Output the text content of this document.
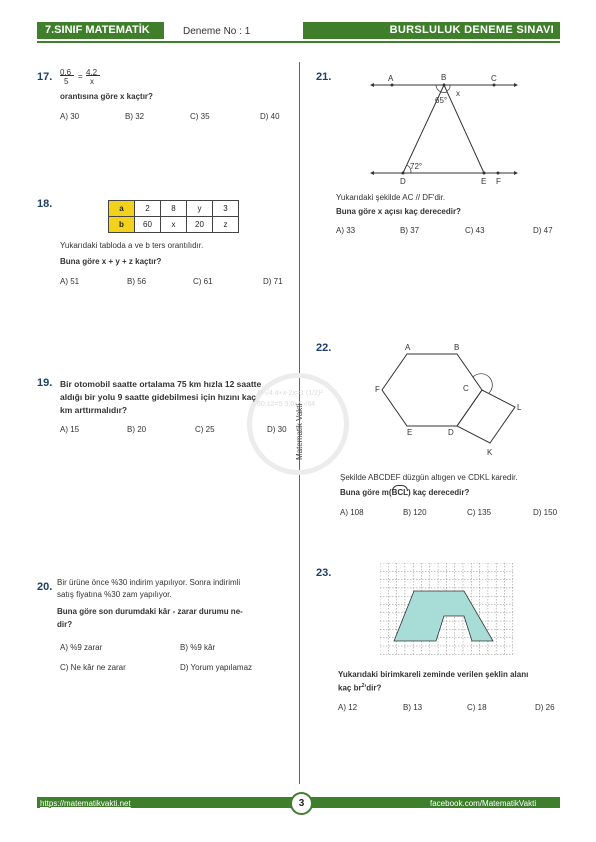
7.SINIF MATEMATİK	Deneme No : 1	BURSLULUK DENEME SINAVI
17. 0,6
5
= 4,2
x
orantısına göre x kaçtır?
A) 30	B) 32	C) 35	D) 40
18.	a	2	8	y	3
b	60	x	20	z
Yukarıdaki tabloda a ve b ters orantılıdır.
Buna göre x + y + z kaçtır?
A) 51	B) 56	C) 61	D) 71
1³ √4 4+x-2x=1 (1/2)² 60:12=5 3,0x4 √64
Matematik Vakti
19. Bir otomobil saatte ortalama 75 km hızla 12 saatte
aldığı bir yolu 9 saatte gidebilmesi için hızını kaç
km arttırmalıdır?
A) 15	B) 20	C) 25	D) 30
20. Bir ürüne önce %30 indirim yapılıyor. Sonra indirimli
satış fiyatına %30 zam yapılıyor.
Buna göre son durumdaki kâr - zarar durumu ne-
dir?
A) %9 zarar	B) %9 kâr
C) Ne kâr ne zarar	D) Yorum yapılamaz
21.	A	B	C
x
65°
72°
D	E F
Yukarıdaki şekilde AC // DF'dir.
Buna göre x açısı kaç derecedir?
A) 33	B) 37	C) 43	D) 47
22.	A	B
C
D
E
F
L
K
Şekilde ABCDEF düzgün altıgen ve CDKL karedir.
Buna göre m(
BCL) kaç derecedir?
A) 108	B) 120	C) 135	D) 150
23.
Yukarıdaki birimkareli zeminde verilen şeklin alanı
kaç $br^2'dir$?
A) 12	B) 13	C) 18	D) 26
https://matematikvakti.net	facebook.com/MatematikVakti
3
